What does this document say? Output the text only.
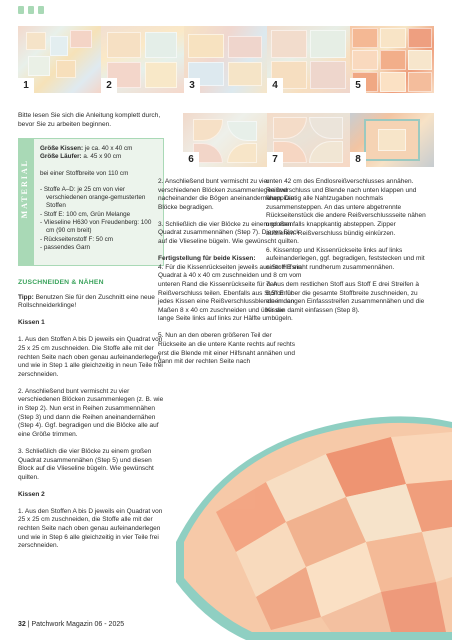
1	2	3	4	5
6	7	8

Bitte lesen Sie sich die Anleitung komplett durch, bevor Sie zu arbeiten beginnen.

MATERIAL
Größe Kissen: je ca. 40 x 40 cm
Größe Läufer: a. 45 x 90 cm
bei einer Stoffbreite von 110 cm
- Stoffe A–D: je 25 cm von vier verschiedenen orange-gemusterten Stoffen
- Stoff E: 100 cm, Grün Melange
- Vlieseline H630 von Freudenberg: 100 cm (90 cm breit)
- Rückseitenstoff F: 50 cm
- passendes Garn

ZUSCHNEIDEN & NÄHEN

Tipp: Benutzen Sie für den Zuschnitt eine neue Rollschneiderklinge!

Kissen 1

1. Aus den Stoffen A bis D jeweils ein Quadrat von 25 x 25 cm zuschneiden. Die Stoffe alle mit der rechten Seite nach oben genau aufeinanderlegen und wie in Step 1 alle gleichzeitig in neun Teile frei zerschneiden.

2. Anschließend bunt vermischt zu vier verschiedenen Blöcken zusammenlegen (z. B. wie in Step 2). Nun erst in Reihen zusammennähen (Step 3) und dann die Reihen aneinandernähen (Step 4). Ggf. begradigen und die Blöcke alle auf eine Größe trimmen.

3. Schließlich die vier Blöcke zu einem großen Quadrat zusammennähen (Step 5) und diesen Block auf die Vlieseline bügeln. Wie gewünscht quilten.

Kissen 2

1. Aus den Stoffen A bis D jeweils ein Quadrat von 25 x 25 cm zuschneiden, die Stoffe alle mit der rechten Seite nach oben genau aufeinanderlegen und wie in Step 6 alle gleichzeitig in vier Teile frei zerschneiden.

2. Anschließend bunt vermischt zu vier verschiedenen Blöcken zusammenlegen und nacheinander die Bögen aneinandernähen. Die Blöcke begradigen.

3. Schließlich die vier Blöcke zu einem großen Quadrat zusammennähen (Step 7). Diesen Block auf die Vlieseline bügeln. Wie gewünscht quilten.

Fertigstellung für beide Kissen:

4. Für die Kissenrückseiten jeweils aus Stoff E ein Quadrat à 40 x 40 cm zuschneiden und 8 cm vom unteren Rand die Kissenrückseite für den Reißverschluss teilen. Ebenfalls aus Stoff E für jedes Kissen eine Reißverschlussblende in den Maßen 8 x 40 cm zuschneiden und über die lange Seite links auf links zur Hälfte umbügeln.

5. Nun an den oberen größeren Teil der Rückseite an die untere Kante rechts auf rechts erst die Blende mit einer Hilfsnaht annähen und dann mit der rechten Seite nach

unten 42 cm des Endlosreißverschlusses annähen. Reißverschluss und Blende nach unten klappen und knappkantig alle Nahtzugaben nochmals zusammensteppen. An das untere abgetrennte Rückseitenstück die andere Reißverschlussseite nähen und ebenfalls knappkantig absteppen. Zipper aufziehen. Reißverschluss bündig einkürzen.

6. Kissentop und Kissenrückseite links auf links aufeinanderlegen, ggf. begradigen, feststecken und mit einer Hilfsnaht rundherum zusammennähen.

7. Aus dem restlichen Stoff aus Stoff E drei Streifen à 6,5 cm über die gesamte Stoffbreite zuschneiden, zu einem langen Einfassstreifen zusammennähen und die Kissen damit einfassen (Step 8).

32 | Patchwork Magazin 06 - 2025
